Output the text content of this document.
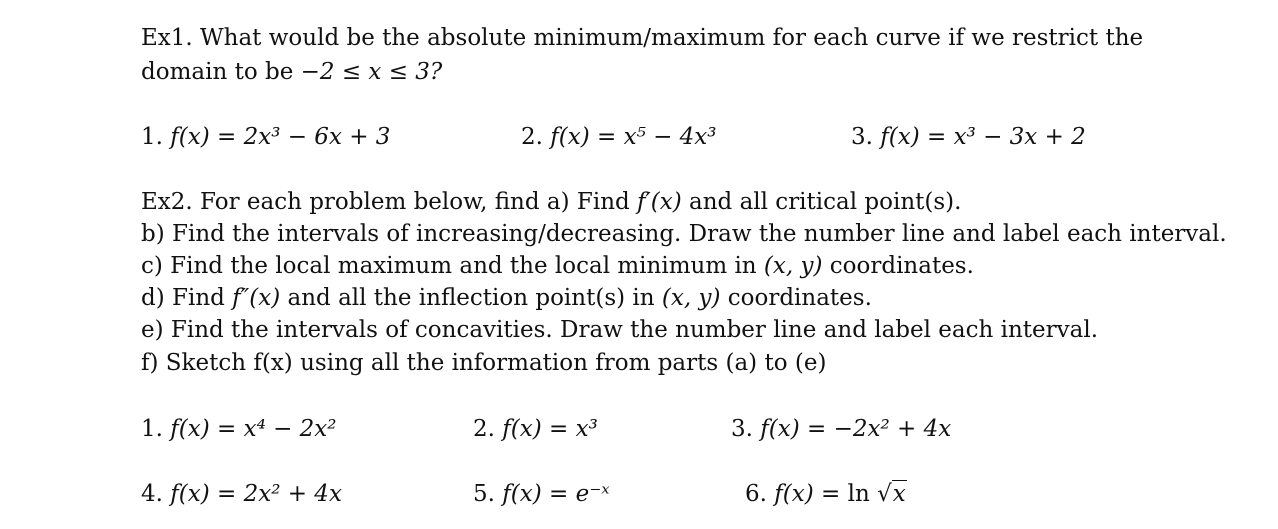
Ex1. What would be the absolute minimum/maximum for each curve if we restrict the
domain to be −2 ≤ x ≤ 3?
1. f(x) = 2x³ − 6x + 3	2. f(x) = x⁵ − 4x³	3. f(x) = x³ − 3x + 2
Ex2. For each problem below, find a) Find f′(x) and all critical point(s).
b) Find the intervals of increasing/decreasing. Draw the number line and label each interval.
c) Find the local maximum and the local minimum in (x, y) coordinates.
d) Find f″(x) and all the inflection point(s) in (x, y) coordinates.
e) Find the intervals of concavities. Draw the number line and label each interval.
f) Sketch f(x) using all the information from parts (a) to (e)
1. f(x) = x⁴ − 2x²	2. f(x) = x³	3. f(x) = −2x² + 4x
4. f(x) = 2x² + 4x	5. f(x) = e⁻ˣ	6. f(x) = ln √x
